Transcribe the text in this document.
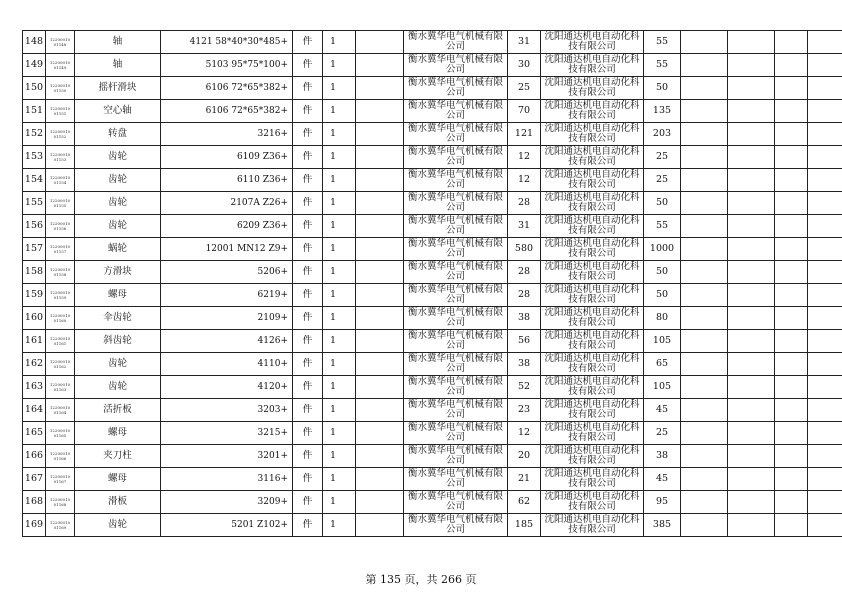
148	12200010 01148	轴	4121 58*40*30*485+	件	1		衡水冀华电气机械有限公司	31	沈阳通达机电自动化科技有限公司	55				
149	12200010 01149	轴	5103 95*75*100+	件	1		衡水冀华电气机械有限公司	30	沈阳通达机电自动化科技有限公司	55				
150	12200010 01150	摇杆滑块	6106 72*65*382+	件	1		衡水冀华电气机械有限公司	25	沈阳通达机电自动化科技有限公司	50				
151	12200010 01151	空心轴	6106 72*65*382+	件	1		衡水冀华电气机械有限公司	70	沈阳通达机电自动化科技有限公司	135				
152	12200010 01152	转盘	3216+	件	1		衡水冀华电气机械有限公司	121	沈阳通达机电自动化科技有限公司	203				
153	12200010 01153	齿轮	6109 Z36+	件	1		衡水冀华电气机械有限公司	12	沈阳通达机电自动化科技有限公司	25				
154	12200010 01154	齿轮	6110 Z36+	件	1		衡水冀华电气机械有限公司	12	沈阳通达机电自动化科技有限公司	25				
155	12200010 01155	齿轮	2107A Z26+	件	1		衡水冀华电气机械有限公司	28	沈阳通达机电自动化科技有限公司	50				
156	12200010 01156	齿轮	6209 Z36+	件	1		衡水冀华电气机械有限公司	31	沈阳通达机电自动化科技有限公司	55				
157	12200010 01157	蜗轮	12001 MN12 Z9+	件	1		衡水冀华电气机械有限公司	580	沈阳通达机电自动化科技有限公司	1000				
158	12200010 01158	方滑块	5206+	件	1		衡水冀华电气机械有限公司	28	沈阳通达机电自动化科技有限公司	50				
159	12200010 01159	螺母	6219+	件	1		衡水冀华电气机械有限公司	28	沈阳通达机电自动化科技有限公司	50				
160	12200010 01160	伞齿轮	2109+	件	1		衡水冀华电气机械有限公司	38	沈阳通达机电自动化科技有限公司	80				
161	12200010 01161	斜齿轮	4126+	件	1		衡水冀华电气机械有限公司	56	沈阳通达机电自动化科技有限公司	105				
162	12200010 01162	齿轮	4110+	件	1		衡水冀华电气机械有限公司	38	沈阳通达机电自动化科技有限公司	65				
163	12200010 01163	齿轮	4120+	件	1		衡水冀华电气机械有限公司	52	沈阳通达机电自动化科技有限公司	105				
164	12200010 01164	活折板	3203+	件	1		衡水冀华电气机械有限公司	23	沈阳通达机电自动化科技有限公司	45				
165	12200010 01165	螺母	3215+	件	1		衡水冀华电气机械有限公司	12	沈阳通达机电自动化科技有限公司	25				
166	12200010 01166	夹刀柱	3201+	件	1		衡水冀华电气机械有限公司	20	沈阳通达机电自动化科技有限公司	38				
167	12200010 01167	螺母	3116+	件	1		衡水冀华电气机械有限公司	21	沈阳通达机电自动化科技有限公司	45				
168	12200010 01168	滑板	3209+	件	1		衡水冀华电气机械有限公司	62	沈阳通达机电自动化科技有限公司	95				
169	12200010 01169	齿轮	5201 Z102+	件	1		衡水冀华电气机械有限公司	185	沈阳通达机电自动化科技有限公司	385				
第 135 页，共 266 页
